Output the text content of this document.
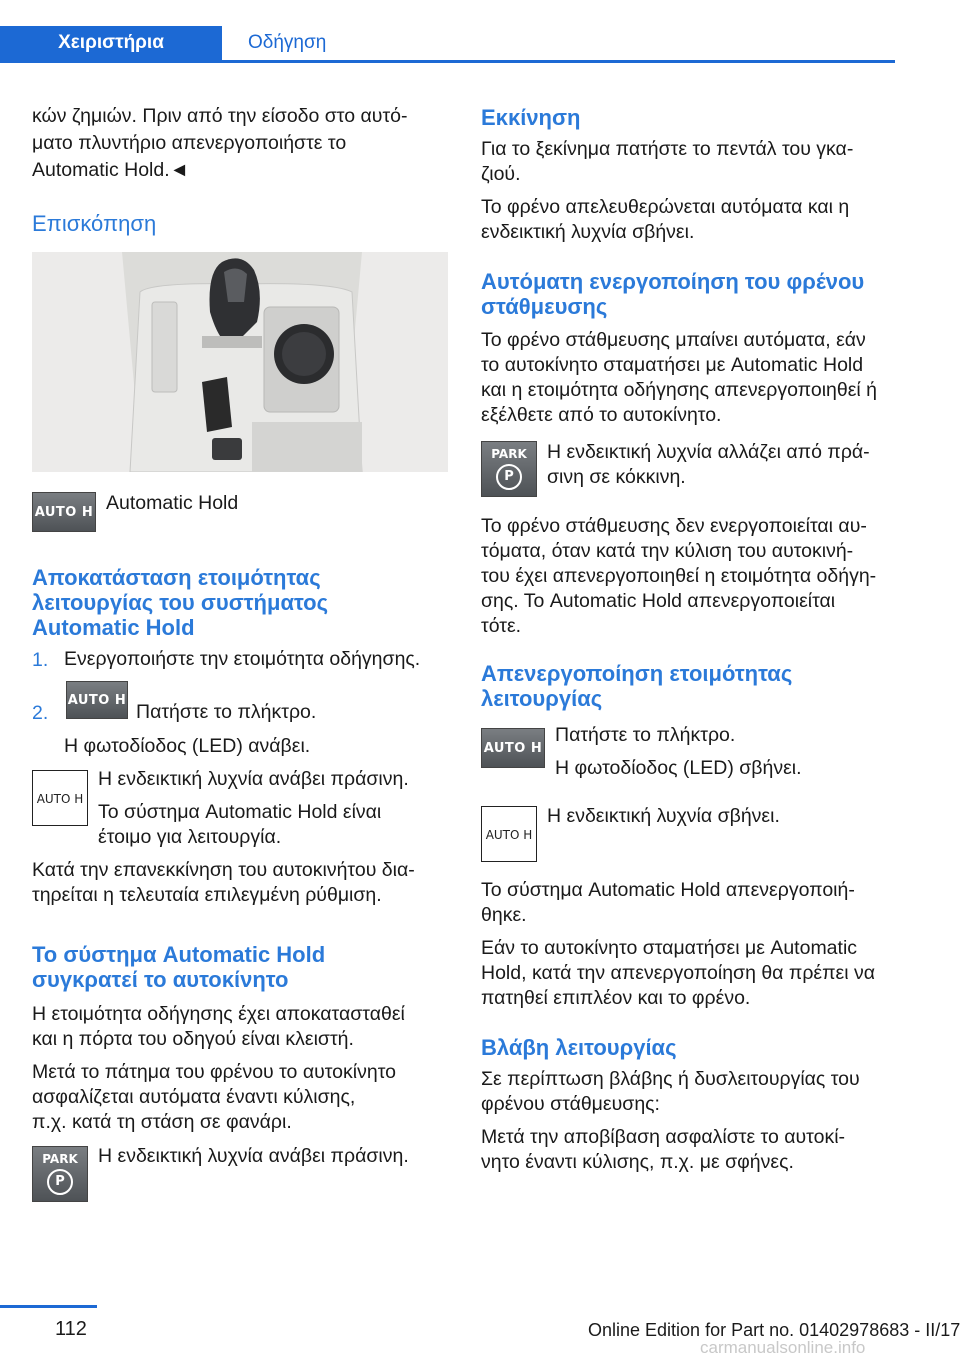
Χειριστήρια	Οδήγηση
κών ζημιών. Πριν από την είσοδο στο αυτό-
ματο πλυντήριο απενεργοποιήστε το
Automatic Hold.◄
Επισκόπηση
AUTO H Automatic Hold
Αποκατάσταση ετοιμότητας
λειτουργίας του συστήματος
Automatic Hold
1. Ενεργοποιήστε την ετοιμότητα οδήγησης.
2.
AUTO H
Πατήστε το πλήκτρο.
Η φωτοδίοδος (LED) ανάβει.
AUTO H
Η ενδεικτική λυχνία ανάβει πράσινη.
Το σύστημα Automatic Hold είναι
έτοιμο για λειτουργία.
Κατά την επανεκκίνηση του αυτοκινήτου δια-
τηρείται η τελευταία επιλεγμένη ρύθμιση.
Το σύστημα Automatic Hold
συγκρατεί το αυτοκίνητο
Η ετοιμότητα οδήγησης έχει αποκατασταθεί
και η πόρτα του οδηγού είναι κλειστή.
Μετά το πάτημα του φρένου το αυτοκίνητο
ασφαλίζεται αυτόματα έναντι κύλισης,
π.χ. κατά τη στάση σε φανάρι.
PARK
P
Η ενδεικτική λυχνία ανάβει πράσινη.
Εκκίνηση
Για το ξεκίνημα πατήστε το πεντάλ του γκα-
ζιού.
Το φρένο απελευθερώνεται αυτόματα και η
ενδεικτική λυχνία σβήνει.
Αυτόματη ενεργοποίηση του φρένου
στάθμευσης
Το φρένο στάθμευσης μπαίνει αυτόματα, εάν
το αυτοκίνητο σταματήσει με Automatic Hold
και η ετοιμότητα οδήγησης απενεργοποιηθεί ή
εξέλθετε από το αυτοκίνητο.
PARK
P
Η ενδεικτική λυχνία αλλάζει από πρά-
σινη σε κόκκινη.
Το φρένο στάθμευσης δεν ενεργοποιείται αυ-
τόματα, όταν κατά την κύλιση του αυτοκινή-
του έχει απενεργοποιηθεί η ετοιμότητα οδήγη-
σης. Το Automatic Hold απενεργοποιείται
τότε.
Απενεργοποίηση ετοιμότητας
λειτουργίας
AUTO H
Πατήστε το πλήκτρο.
Η φωτοδίοδος (LED) σβήνει.
AUTO H
Η ενδεικτική λυχνία σβήνει.
Το σύστημα Automatic Hold απενεργοποιή-
θηκε.
Εάν το αυτοκίνητο σταματήσει με Automatic
Hold, κατά την απενεργοποίηση θα πρέπει να
πατηθεί επιπλέον και το φρένο.
Βλάβη λειτουργίας
Σε περίπτωση βλάβης ή δυσλειτουργίας του
φρένου στάθμευσης:
Μετά την αποβίβαση ασφαλίστε το αυτοκί-
νητο έναντι κύλισης, π.χ. με σφήνες.
112	Online Edition for Part no. 01402978683 - II/17
carmanualsonline.info
